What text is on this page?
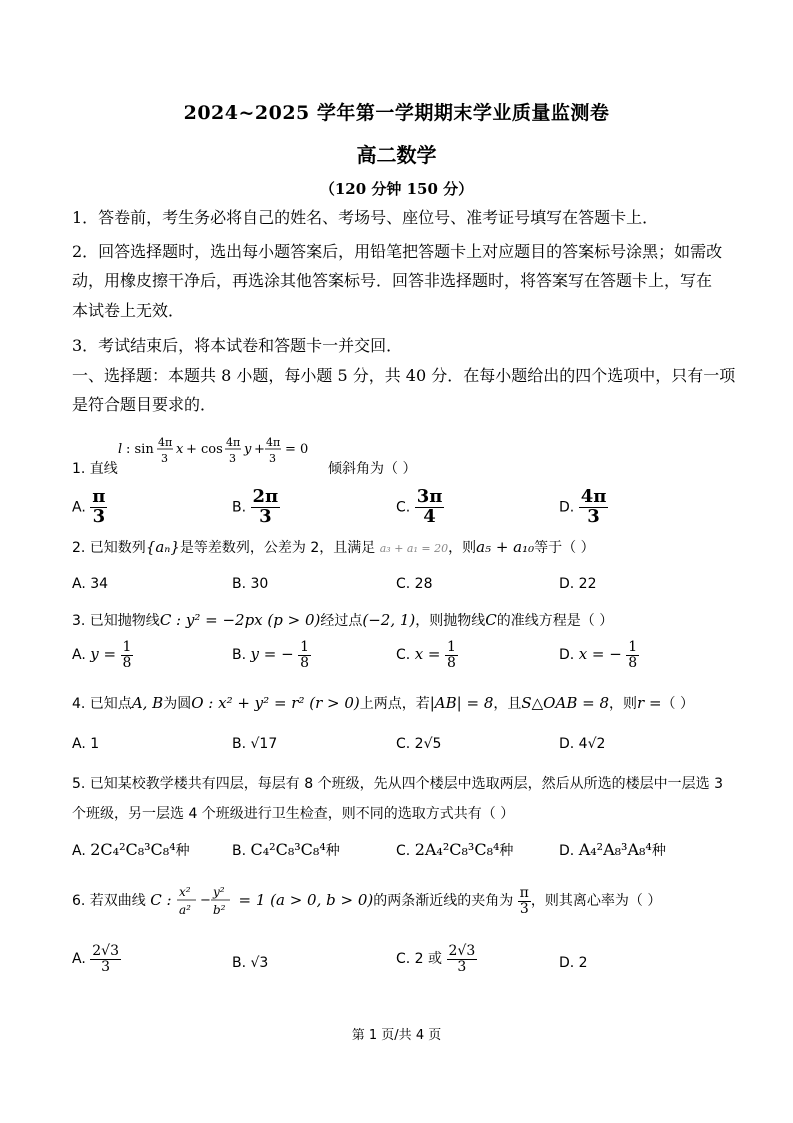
2024~2025 学年第一学期期末学业质量监测卷
高二数学
（120 分钟 150 分）
1．答卷前，考生务必将自己的姓名、考场号、座位号、准考证号填写在答题卡上．
2．回答选择题时，选出每小题答案后，用铅笔把答题卡上对应题目的答案标号涂黑；如需改
动，用橡皮擦干净后，再选涂其他答案标号．回答非选择题时，将答案写在答题卡上，写在
本试卷上无效．
3．考试结束后，将本试卷和答题卡一并交回．
一、选择题：本题共 8 小题，每小题 5 分，共 40 分．在每小题给出的四个选项中，只有一项
是符合题目要求的．
1. 直线
l : sin 4π
3
x + cos 4π
3
y + 4π
3
= 0
倾斜角为（ ）
A. $\frac{\pi}{3}$	B. $\frac{2\pi}{3}$	C. $\frac{3\pi}{4}$	D. $\frac{4\pi}{3}$
2. 已知数列{aₙ}是等差数列，公差为 2，且满足 a₃ + a₁ = 20，则a₅ + a₁₀等于（ ）
A. 34	B. 30	C. 28	D. 22
3. 已知抛物线C : y² = −2px (p > 0)经过点(−2, 1)，则抛物线C的准线方程是（ ）
A. $y = \frac{1}{8}$	B. y = − $\frac{1}{8}$	C. $x = \frac{1}{8}$	D. x = − $\frac{1}{8}$
4. 已知点A, B为圆O : x² + y² = r² (r > 0)上两点，若|AB| = 8，且S△OAB = 8，则r =（ ）
A. 1	B. √17	C. 2√5	D. 4√2
5. 已知某校教学楼共有四层，每层有 8 个班级，先从四个楼层中选取两层，然后从所选的楼层中一层选 3
个班级，另一层选 4 个班级进行卫生检查，则不同的选取方式共有（ ）
A. 2C₄²C₈³C₈⁴种	B. C₄²C₈³C₈⁴种	C. 2A₄²C₈³C₈⁴种	D. A₄²A₈³A₈⁴种
6. 若双曲线 C : x²
a²
−
y²
b²
= 1 (a > 0, b > 0)的两条渐近线的夹角为 $\frac{\pi}{3}$ ，则其离心率为（ ）
A. $\frac{2√3}{3}$	B. √3	C. 2 或 $\frac{2√3}{3}$	D. 2
第 1 页/共 4 页
